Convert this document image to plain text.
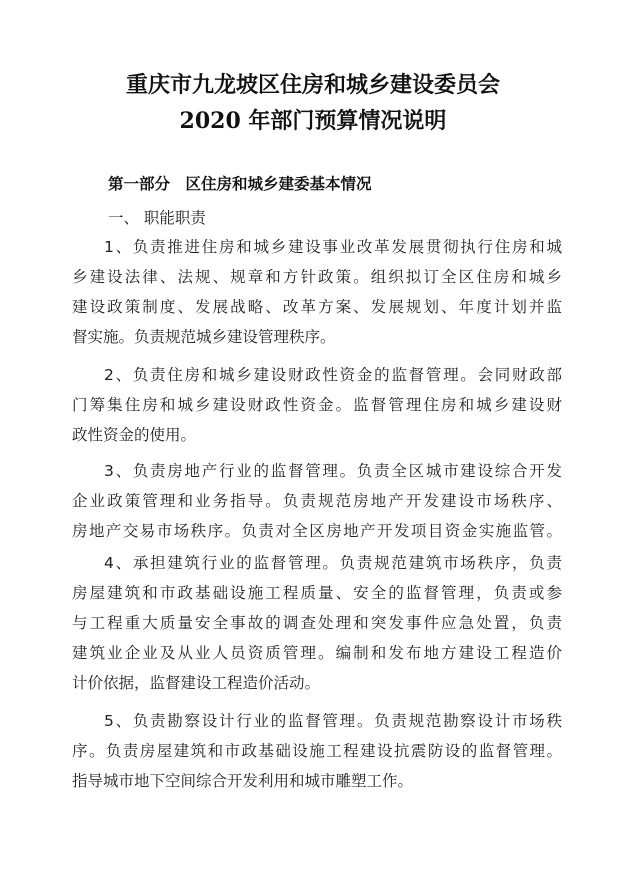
重庆市九龙坡区住房和城乡建设委员会
2020 年部门预算情况说明
第一部分　区住房和城乡建委基本情况
一、 职能职责
1、负责推进住房和城乡建设事业改革发展贯彻执行住房和城
乡建设法律、法规、规章和方针政策。组织拟订全区住房和城乡
建设政策制度、发展战略、改革方案、发展规划、年度计划并监
督实施。负责规范城乡建设管理秩序。
2、负责住房和城乡建设财政性资金的监督管理。会同财政部
门筹集住房和城乡建设财政性资金。监督管理住房和城乡建设财
政性资金的使用。
3、负责房地产行业的监督管理。负责全区城市建设综合开发
企业政策管理和业务指导。负责规范房地产开发建设市场秩序、
房地产交易市场秩序。负责对全区房地产开发项目资金实施监管。
4、承担建筑行业的监督管理。负责规范建筑市场秩序，负责
房屋建筑和市政基础设施工程质量、安全的监督管理，负责或参
与工程重大质量安全事故的调查处理和突发事件应急处置，负责
建筑业企业及从业人员资质管理。编制和发布地方建设工程造价
计价依据，监督建设工程造价活动。
5、负责勘察设计行业的监督管理。负责规范勘察设计市场秩
序。负责房屋建筑和市政基础设施工程建设抗震防设的监督管理。
指导城市地下空间综合开发利用和城市雕塑工作。
